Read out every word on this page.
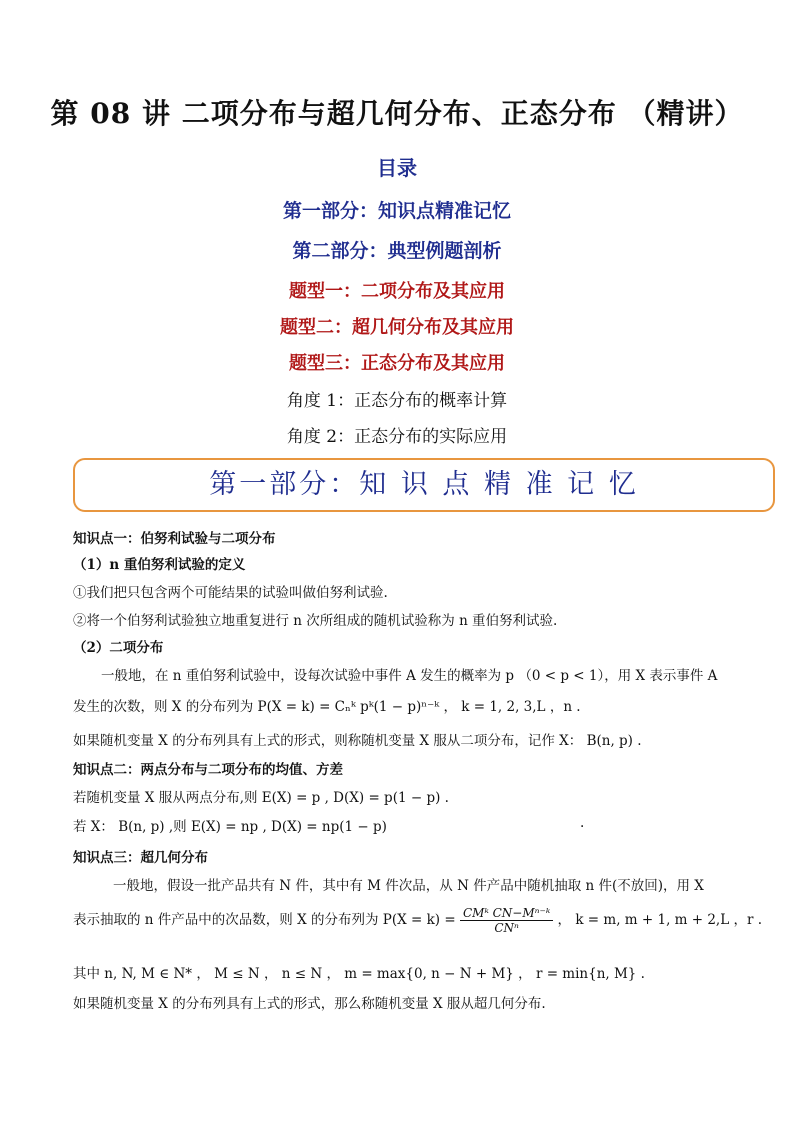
第 08 讲 二项分布与超几何分布、正态分布 （精讲）
目录
第一部分：知识点精准记忆
第二部分：典型例题剖析
题型一：二项分布及其应用
题型二：超几何分布及其应用
题型三：正态分布及其应用
角度 1：正态分布的概率计算
角度 2：正态分布的实际应用
第一部分：知 识 点 精 准 记 忆
知识点一：伯努利试验与二项分布
（1）n 重伯努利试验的定义
①我们把只包含两个可能结果的试验叫做伯努利试验.
②将一个伯努利试验独立地重复进行 n 次所组成的随机试验称为 n 重伯努利试验.
（2）二项分布
一般地，在 n 重伯努利试验中，设每次试验中事件 A 发生的概率为 p （0 < p < 1），用 X 表示事件 A
发生的次数，则 X 的分布列为 P(X = k) = Cₙᵏ pᵏ(1 − p)ⁿ⁻ᵏ ， k = 1, 2, 3,L ，n .
如果随机变量 X 的分布列具有上式的形式，则称随机变量 X 服从二项分布，记作 X： B(n, p) .
知识点二：两点分布与二项分布的均值、方差
若随机变量 X 服从两点分布,则 E(X) = p , D(X) = p(1 − p) .
若 X： B(n, p) ,则 E(X) = np , D(X) = np(1 − p)	.
知识点三：超几何分布
一般地，假设一批产品共有 N 件，其中有 M 件次品，从 N 件产品中随机抽取 n 件(不放回)，用 X
表示抽取的 n 件产品中的次品数，则 X 的分布列为 $P(X = k) = \frac{\text{CMᵏ CN−Mⁿ⁻ᵏ}}{\text{CNⁿ}}$ ， k = m, m + 1, m + 2,L ，r .
其中 n, N, M ∈ N* ， M ≤ N ， n ≤ N ， m = max{0, n − N + M} ， r = min{n, M} .
如果随机变量 X 的分布列具有上式的形式，那么称随机变量 X 服从超几何分布.
